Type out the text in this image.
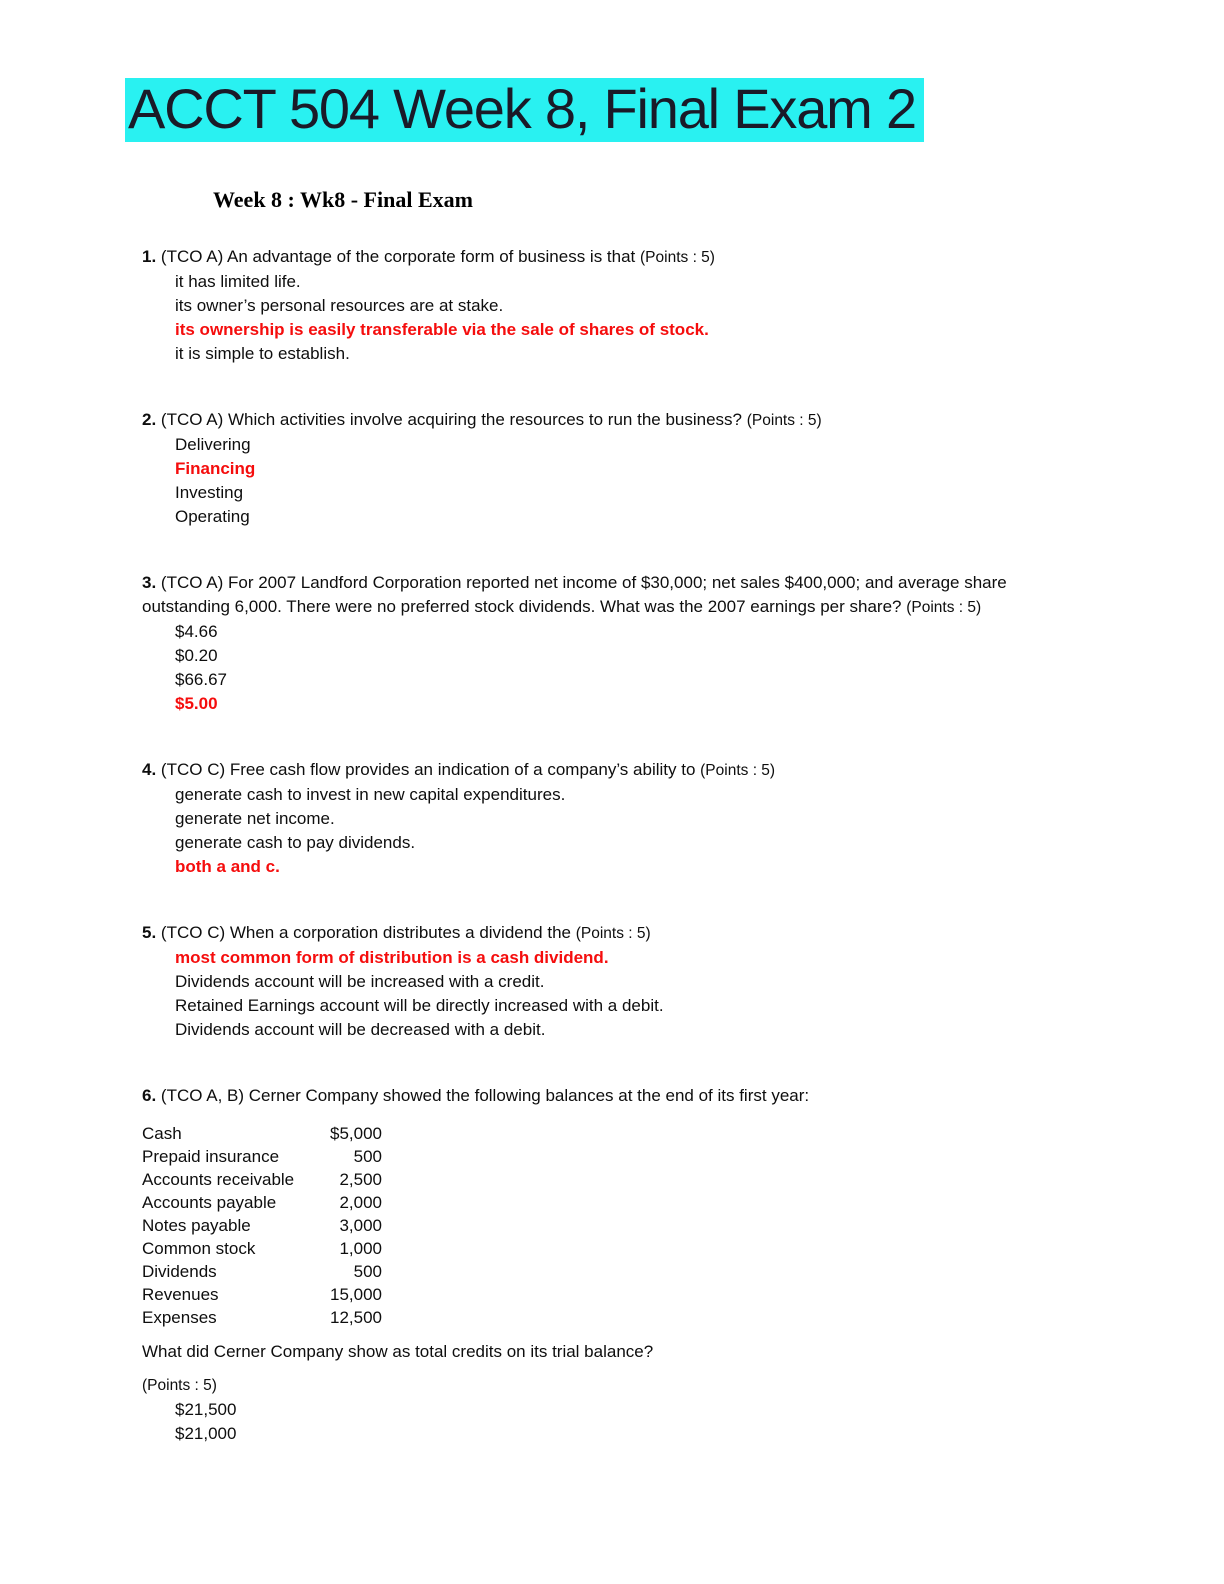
ACCT 504 Week 8, Final Exam 2
Week 8 : Wk8 - Final Exam

1. (TCO A) An advantage of the corporate form of business is that (Points : 5)

it has limited life.
its owner’s personal resources are at stake.
its ownership is easily transferable via the sale of shares of stock.
it is simple to establish.

2. (TCO A) Which activities involve acquiring the resources to run the business? (Points : 5)

Delivering
Financing
Investing
Operating

3. (TCO A) For 2007 Landford Corporation reported net income of $30,000; net sales $400,000; and average share outstanding 6,000. There were no preferred stock dividends. What was the 2007 earnings per share? (Points : 5)

$4.66
$0.20
$66.67
$5.00

4. (TCO C) Free cash flow provides an indication of a company’s ability to (Points : 5)

generate cash to invest in new capital expenditures.
generate net income.
generate cash to pay dividends.
both a and c.

5. (TCO C) When a corporation distributes a dividend the (Points : 5)

most common form of distribution is a cash dividend.
Dividends account will be increased with a credit.
Retained Earnings account will be directly increased with a debit.
Dividends account will be decreased with a debit.

6. (TCO A, B) Cerner Company showed the following balances at the end of its first year:

Cash	$5,000
Prepaid insurance	500
Accounts receivable	2,500
Accounts payable	2,000
Notes payable	3,000
Common stock	1,000
Dividends	500
Revenues	15,000
Expenses	12,500

What did Cerner Company show as total credits on its trial balance?

(Points : 5)

$21,500
$21,000
